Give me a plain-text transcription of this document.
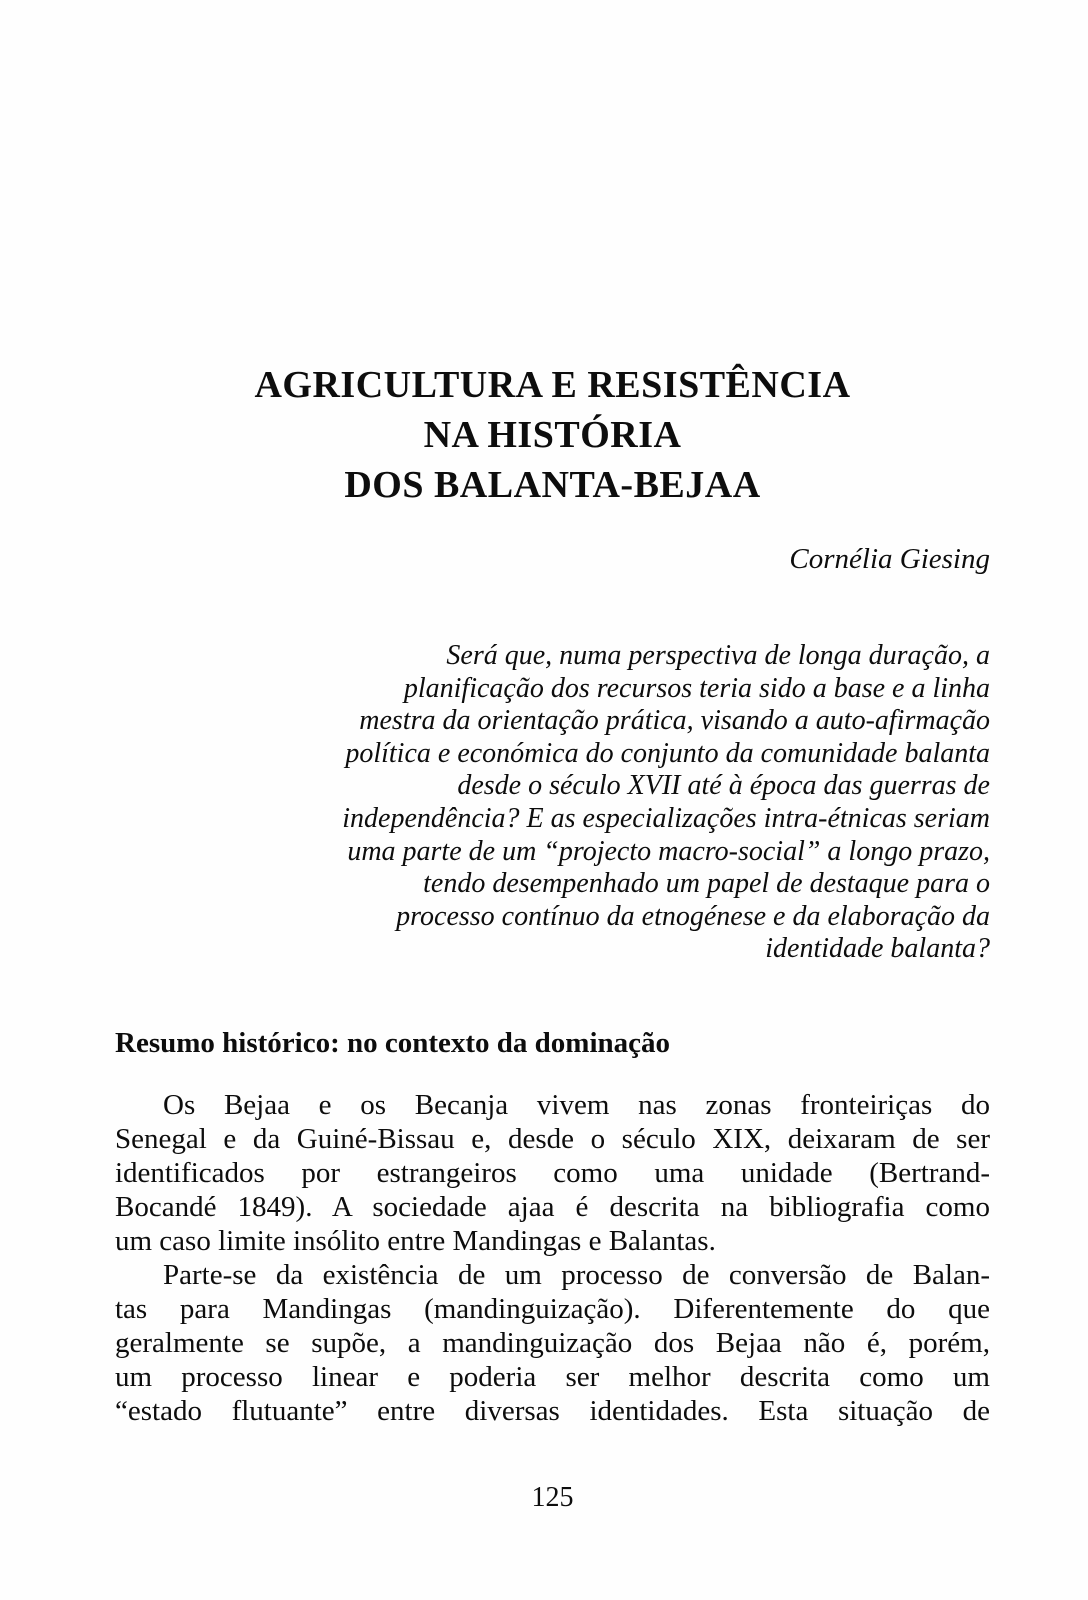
AGRICULTURA E RESISTÊNCIA
NA HISTÓRIA
DOS BALANTA-BEJAA
Cornélia Giesing
Será que, numa perspectiva de longa duração, a
planificação dos recursos teria sido a base e a linha
mestra da orientação prática, visando a auto-afirmação
política e económica do conjunto da comunidade balanta
desde o século XVII até à época das guerras de
independência? E as especializações intra-étnicas seriam
uma parte de um “projecto macro-social” a longo prazo,
tendo desempenhado um papel de destaque para o
processo contínuo da etnogénese e da elaboração da
identidade balanta?
Resumo histórico: no contexto da dominação
Os Bejaa e os Becanja vivem nas zonas fronteiriças do
Senegal e da Guiné-Bissau e, desde o século XIX, deixaram de ser
identificados por estrangeiros como uma unidade (Bertrand-
Bocandé 1849). A sociedade ajaa é descrita na bibliografia como
um caso limite insólito entre Mandingas e Balantas.
Parte-se da existência de um processo de conversão de Balan-
tas para Mandingas (mandinguização). Diferentemente do que
geralmente se supõe, a mandinguização dos Bejaa não é, porém,
um processo linear e poderia ser melhor descrita como um
“estado flutuante” entre diversas identidades. Esta situação de
125
